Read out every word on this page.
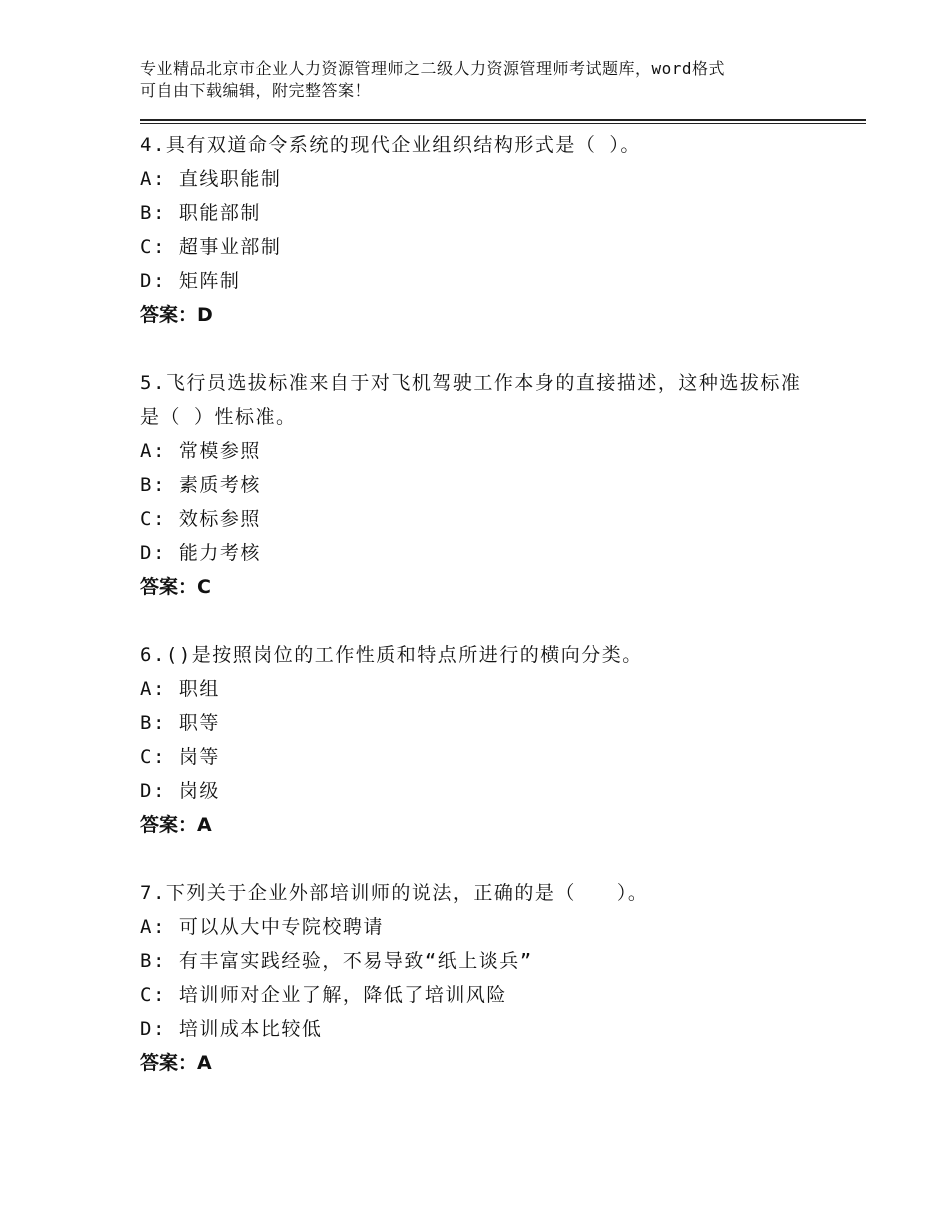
专业精品北京市企业人力资源管理师之二级人力资源管理师考试题库，word格式
可自由下载编辑，附完整答案！
4.具有双道命令系统的现代企业组织结构形式是（ ）。
A: 直线职能制
B: 职能部制
C: 超事业部制
D: 矩阵制
答案：D
5.飞行员选拔标准来自于对飞机驾驶工作本身的直接描述，这种选拔标准是（ ）性标准。
A: 常模参照
B: 素质考核
C: 效标参照
D: 能力考核
答案：C
6.()是按照岗位的工作性质和特点所进行的横向分类。
A: 职组
B: 职等
C: 岗等
D: 岗级
答案：A
7.下列关于企业外部培训师的说法，正确的是（　　）。
A: 可以从大中专院校聘请
B: 有丰富实践经验，不易导致“纸上谈兵”
C: 培训师对企业了解，降低了培训风险
D: 培训成本比较低
答案：A
